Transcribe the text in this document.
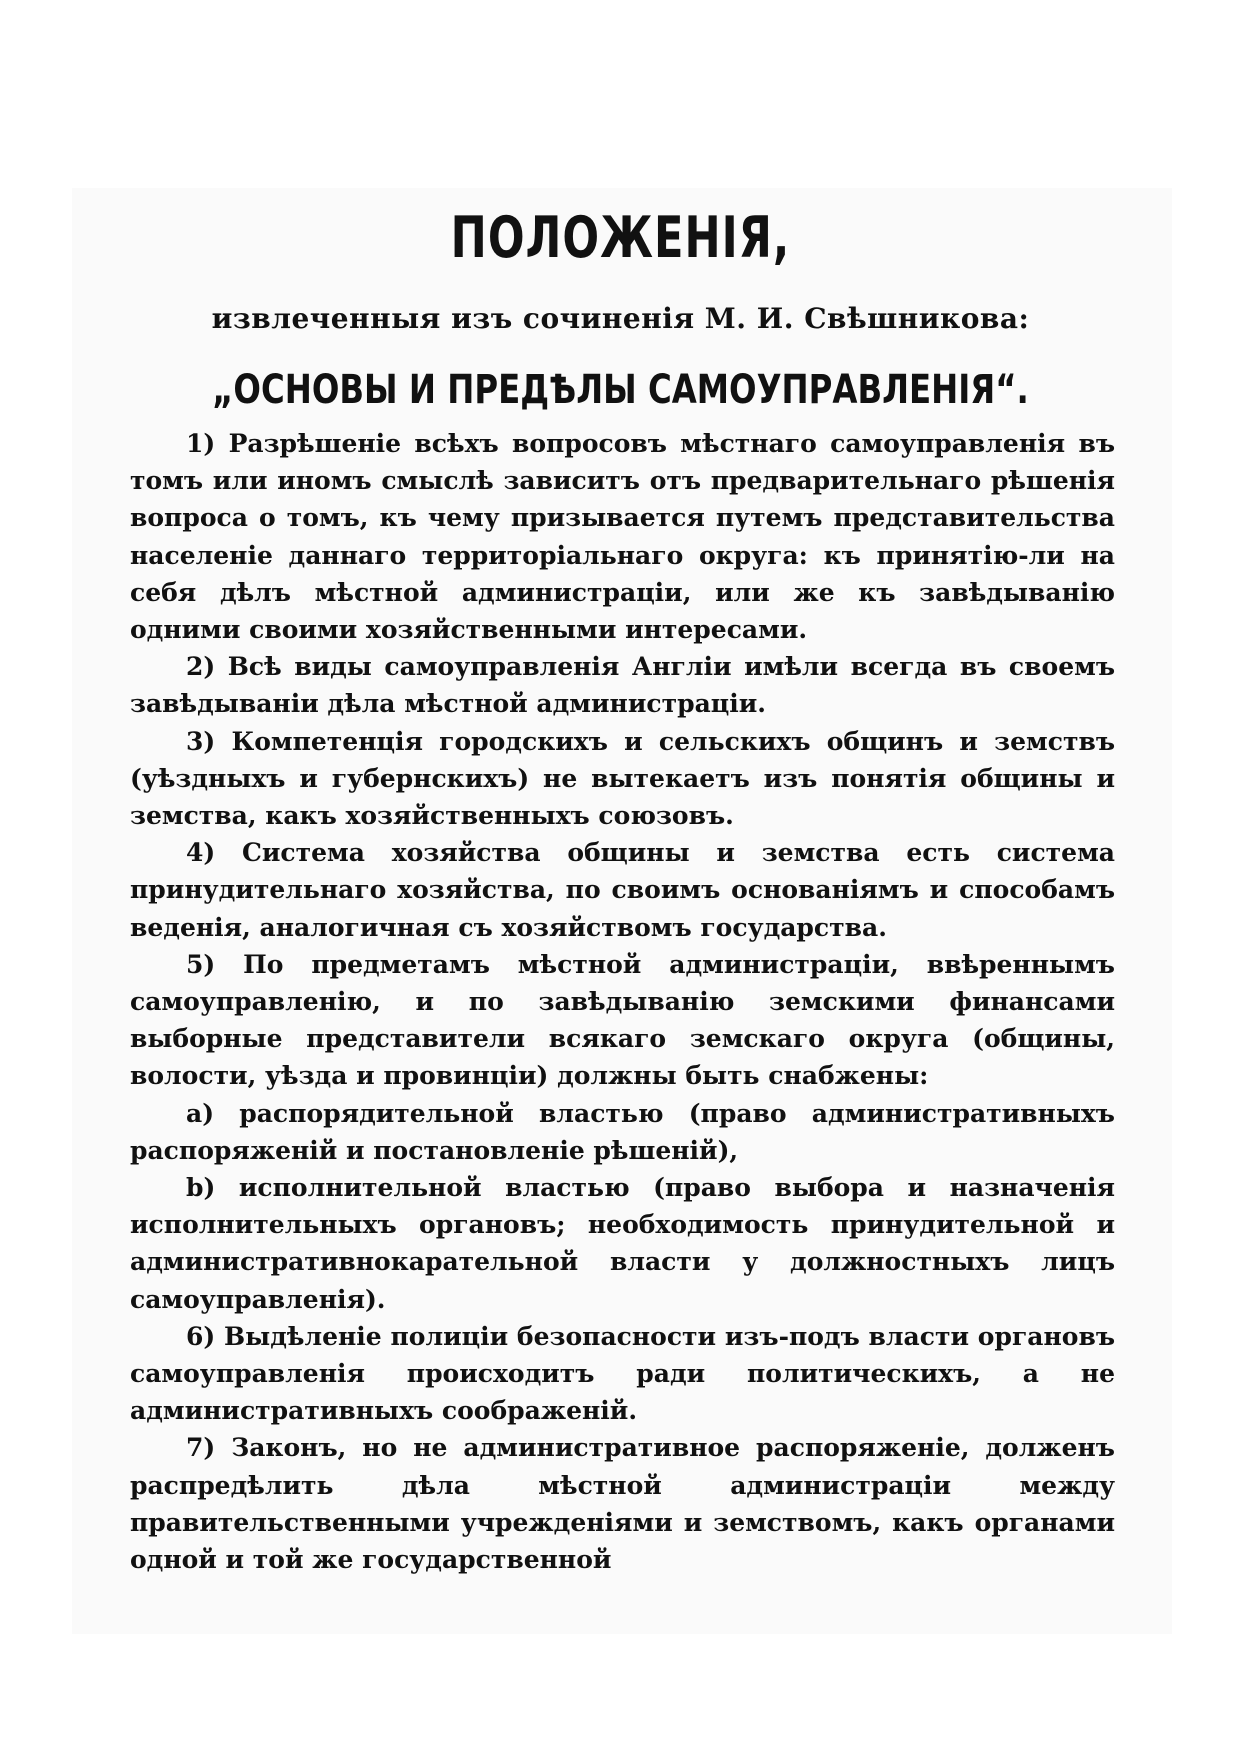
ПОЛОЖЕНІЯ,
извлеченныя изъ сочиненія М. И. Свѣшникова:
„ОСНОВЫ И ПРЕДѢЛЫ САМОУПРАВЛЕНІЯ“.

1) Разрѣшеніе всѣхъ вопросовъ мѣстнаго самоуправленія въ томъ или иномъ смыслѣ зависитъ отъ предварительнаго рѣшенія вопроса о томъ, къ чему призывается путемъ представительства населеніе даннаго территоріальнаго округа: къ принятію-ли на себя дѣлъ мѣстной администраціи, или же къ завѣдыванію одними своими хозяйственными интересами.

2) Всѣ виды самоуправленія Англіи имѣли всегда въ своемъ завѣдываніи дѣла мѣстной администраціи.

3) Компетенція городскихъ и сельскихъ общинъ и земствъ (уѣздныхъ и губернскихъ) не вытекаетъ изъ понятія общины и земства, какъ хозяйственныхъ союзовъ.

4) Система хозяйства общины и земства есть система принудительнаго хозяйства, по своимъ основаніямъ и способамъ веденія, аналогичная съ хозяйствомъ государства.

5) По предметамъ мѣстной администраціи, ввѣреннымъ самоуправленію, и по завѣдыванію земскими финансами выборные представители всякаго земскаго округа (общины, волости, уѣзда и провинціи) должны быть снабжены:

a) распорядительной властью (право административныхъ распоряженій и постановленіе рѣшеній),

b) исполнительной властью (право выбора и назначенія исполнительныхъ органовъ; необходимость принудительной и административнокарательной власти у должностныхъ лицъ самоуправленія).

6) Выдѣленіе полиціи безопасности изъ-подъ власти органовъ самоуправленія происходитъ ради политическихъ, а не административныхъ соображеній.

7) Законъ, но не административное распоряженіе, долженъ распредѣлить дѣла мѣстной администраціи между правительственными учрежденіями и земствомъ, какъ органами одной и той же государственной
